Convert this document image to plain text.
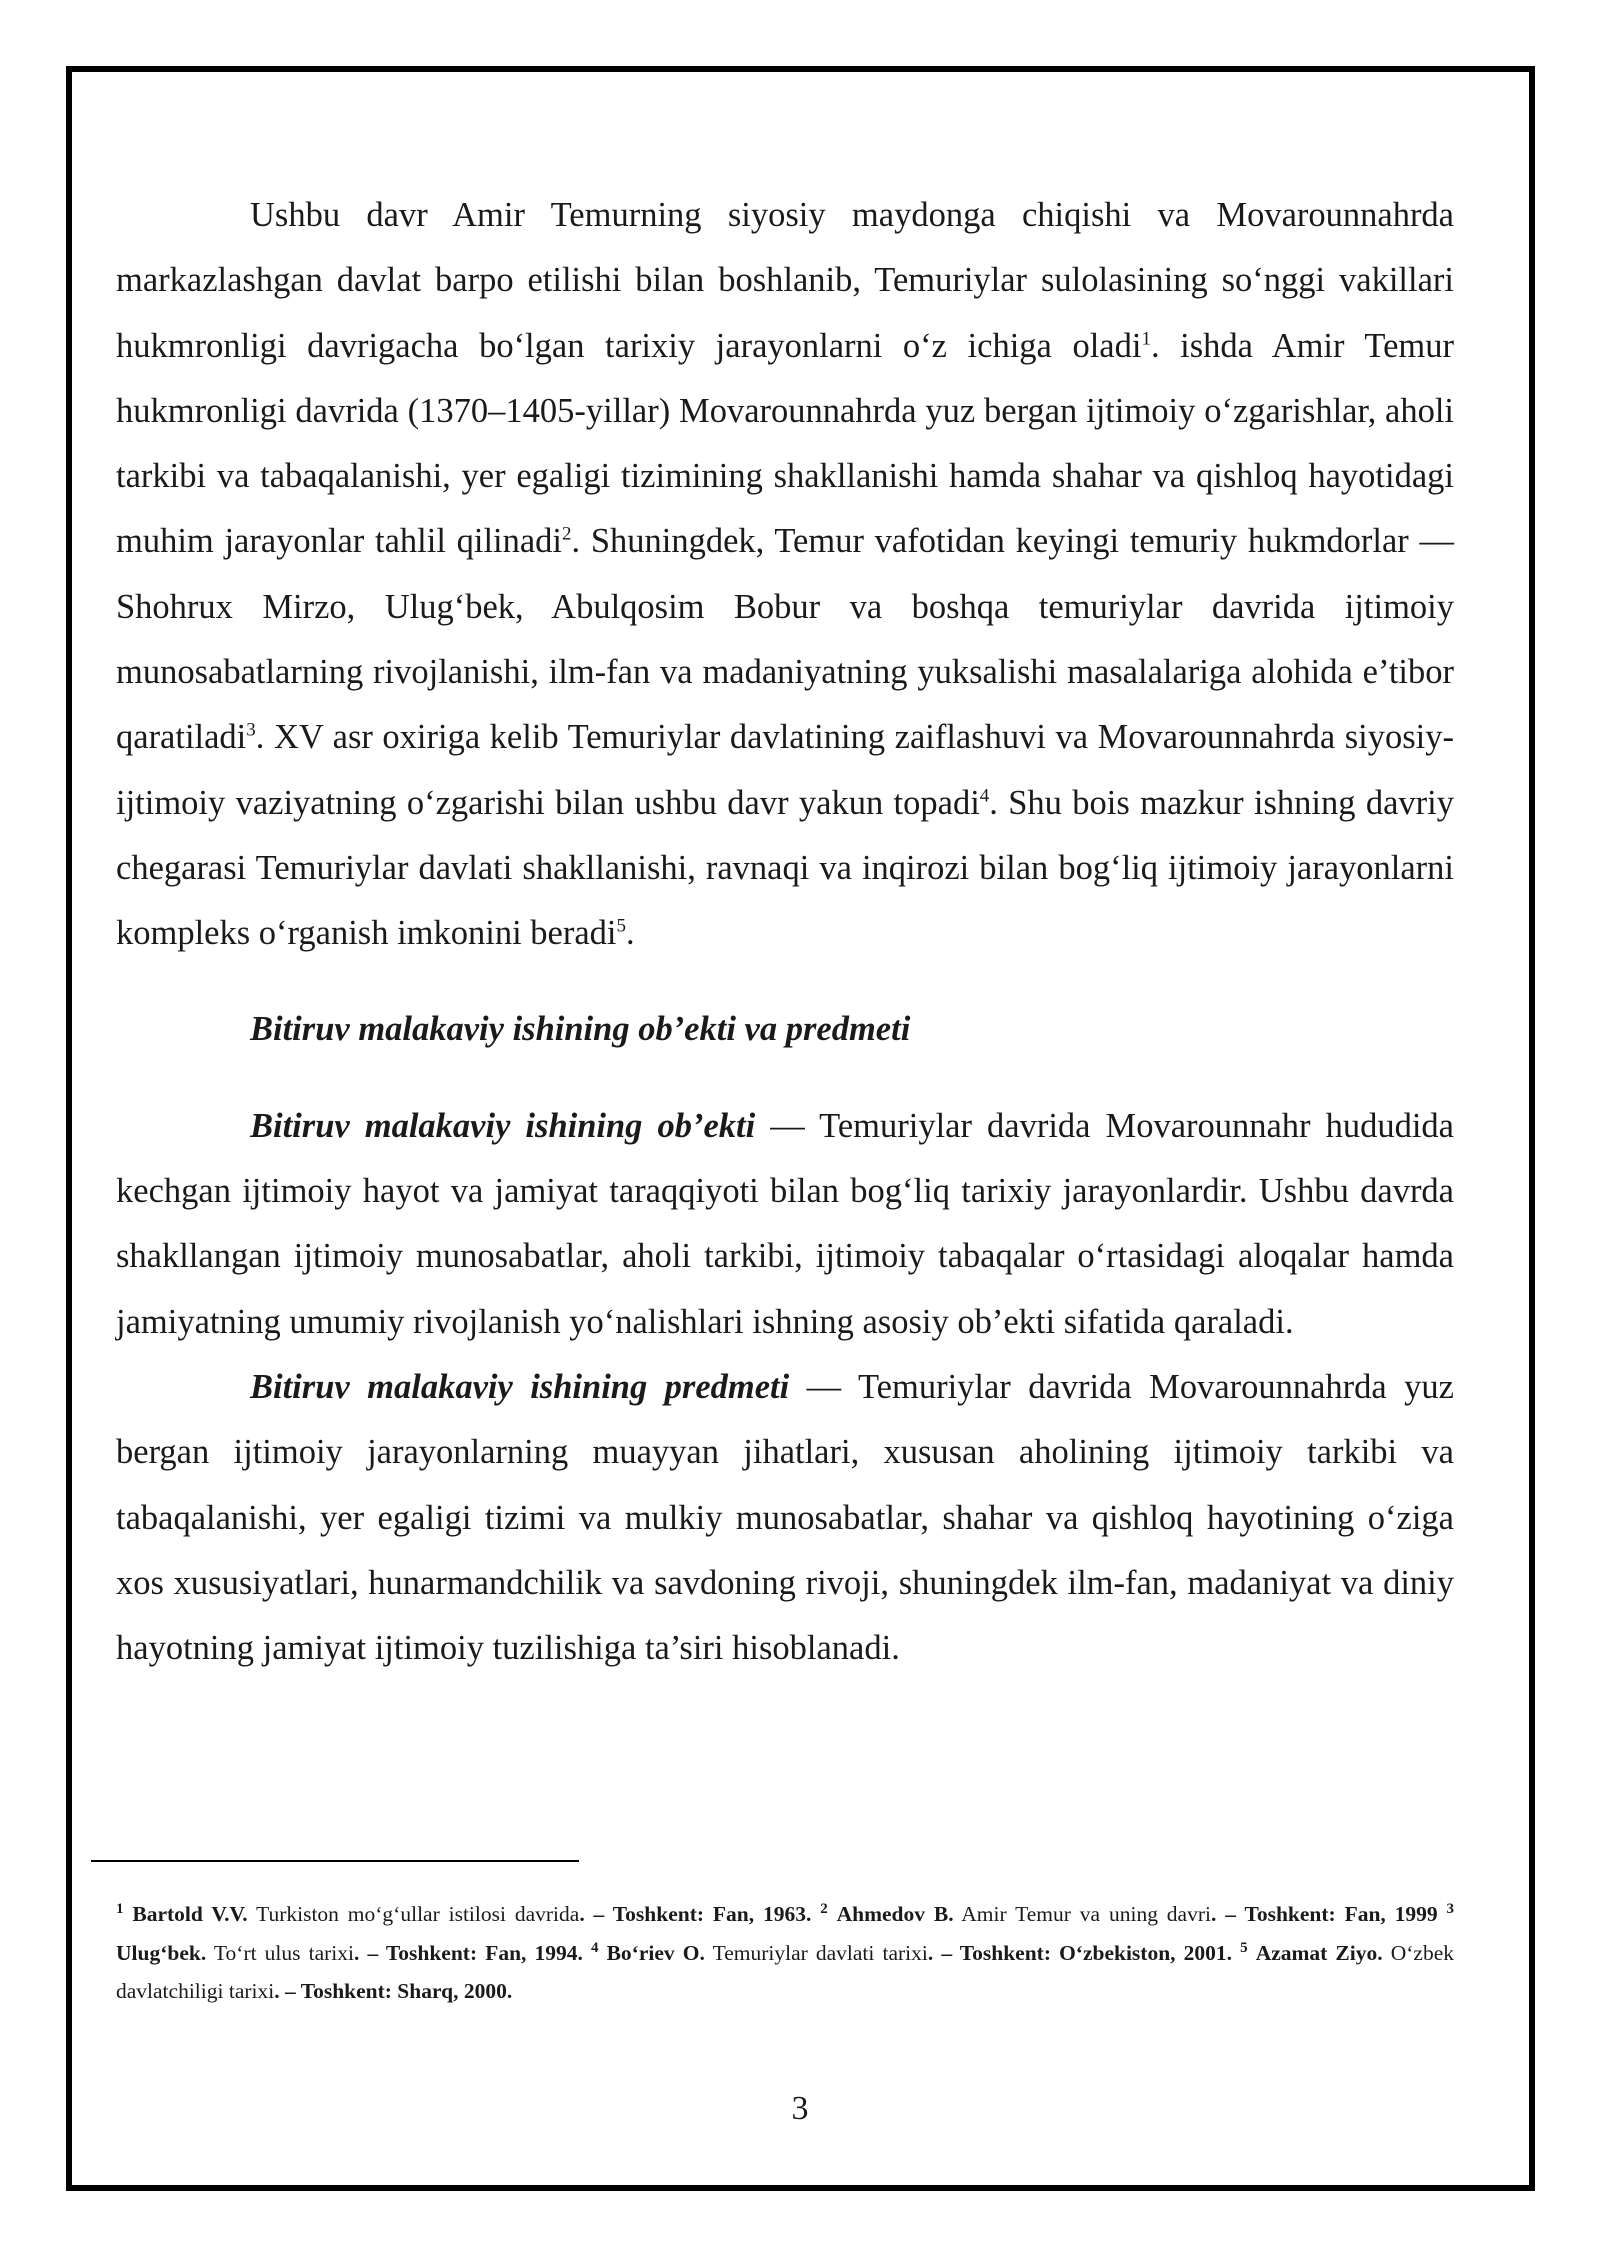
Ushbu davr Amir Temurning siyosiy maydonga chiqishi va Movarounnahrda markazlashgan davlat barpo etilishi bilan boshlanib, Temuriylar sulolasining so‘nggi vakillari hukmronligi davrigacha bo‘lgan tarixiy jarayonlarni o‘z ichiga oladi$^1$. ishda Amir Temur hukmronligi davrida (1370–1405-yillar) Movarounnahrda yuz bergan ijtimoiy o‘zgarishlar, aholi tarkibi va tabaqalanishi, yer egaligi tizimining shakllanishi hamda shahar va qishloq hayotidagi muhim jarayonlar tahlil qilinadi$^2$. Shuningdek, Temur vafotidan keyingi temuriy hukmdorlar — Shohrux Mirzo, Ulug‘bek, Abulqosim Bobur va boshqa temuriylar davrida ijtimoiy munosabatlarning rivojlanishi, ilm-fan va madaniyatning yuksalishi masalalariga alohida e’tibor qaratiladi$^3$. XV asr oxiriga kelib Temuriylar davlatining zaiflashuvi va Movarounnahrda siyosiy-ijtimoiy vaziyatning o‘zgarishi bilan ushbu davr yakun topadi$^4$. Shu bois mazkur ishning davriy chegarasi Temuriylar davlati shakllanishi, ravnaqi va inqirozi bilan bog‘liq ijtimoiy jarayonlarni kompleks o‘rganish imkonini beradi$^5$.

Bitiruv malakaviy ishining ob’ekti va predmeti

Bitiruv malakaviy ishining ob’ekti — Temuriylar davrida Movarounnahr hududida kechgan ijtimoiy hayot va jamiyat taraqqiyoti bilan bog‘liq tarixiy jarayonlardir. Ushbu davrda shakllangan ijtimoiy munosabatlar, aholi tarkibi, ijtimoiy tabaqalar o‘rtasidagi aloqalar hamda jamiyatning umumiy rivojlanish yo‘nalishlari ishning asosiy ob’ekti sifatida qaraladi.

Bitiruv malakaviy ishining predmeti — Temuriylar davrida Movarounnahrda yuz bergan ijtimoiy jarayonlarning muayyan jihatlari, xususan aholining ijtimoiy tarkibi va tabaqalanishi, yer egaligi tizimi va mulkiy munosabatlar, shahar va qishloq hayotining o‘ziga xos xususiyatlari, hunarmandchilik va savdoning rivoji, shuningdek ilm-fan, madaniyat va diniy hayotning jamiyat ijtimoiy tuzilishiga ta’siri hisoblanadi.

$^1$ Bartold V.V. Turkiston mo‘g‘ullar istilosi davrida. – Toshkent: Fan, 1963. $^2$ Ahmedov B. Amir Temur va uning davri. – Toshkent: Fan, 1999 $^3$ Ulug‘bek. To‘rt ulus tarixi. – Toshkent: Fan, 1994. $^4$ Bo‘riev O. Temuriylar davlati tarixi. – Toshkent: O‘zbekiston, 2001. $^5$ Azamat Ziyo. O‘zbek davlatchiligi tarixi. – Toshkent: Sharq, 2000.
3
